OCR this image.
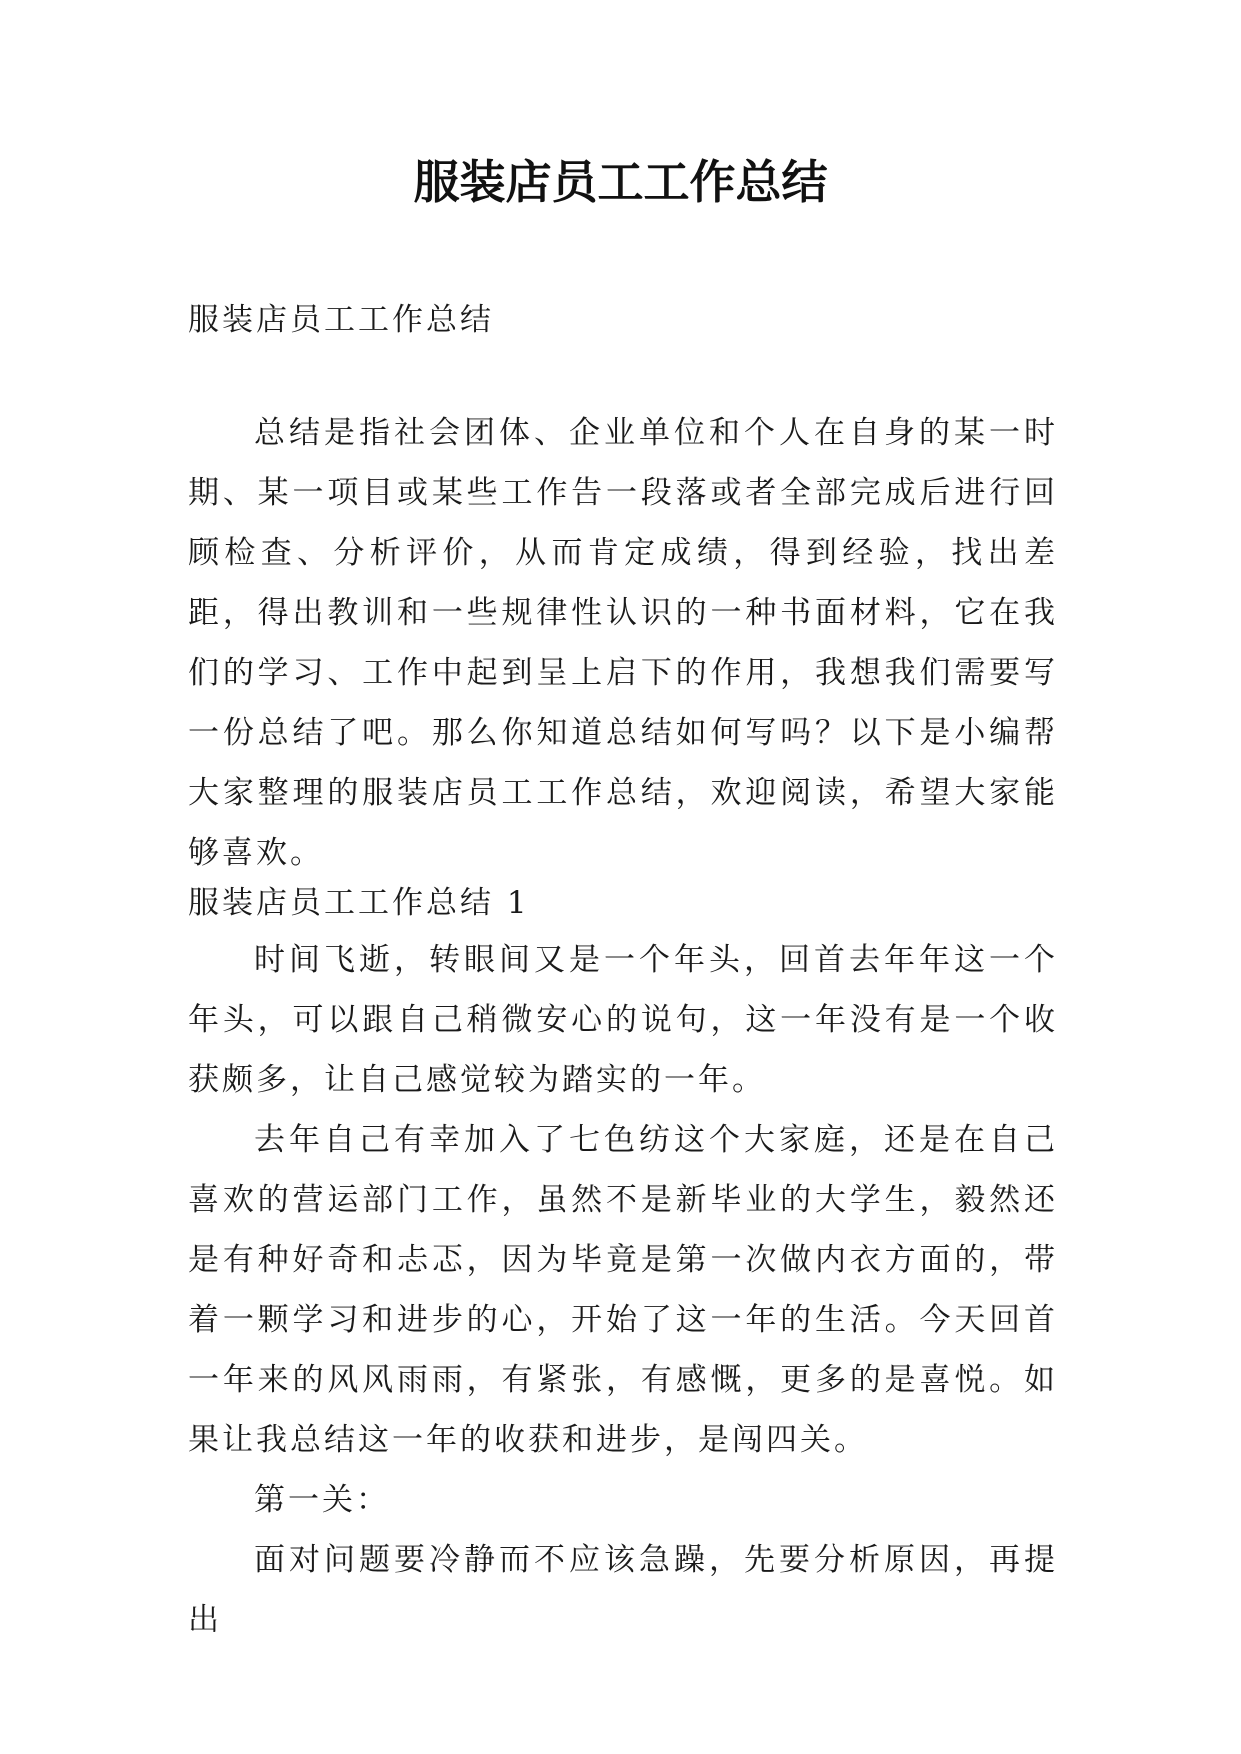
服装店员工工作总结

服装店员工工作总结

总结是指社会团体、企业单位和个人在自身的某一时期、某一项目或某些工作告一段落或者全部完成后进行回顾检查、分析评价，从而肯定成绩，得到经验，找出差距，得出教训和一些规律性认识的一种书面材料，它在我们的学习、工作中起到呈上启下的作用，我想我们需要写一份总结了吧。那么你知道总结如何写吗？以下是小编帮大家整理的服装店员工工作总结，欢迎阅读，希望大家能够喜欢。

服装店员工工作总结 1

时间飞逝，转眼间又是一个年头，回首去年年这一个年头，可以跟自己稍微安心的说句，这一年没有是一个收获颇多，让自己感觉较为踏实的一年。

去年自己有幸加入了七色纺这个大家庭，还是在自己喜欢的营运部门工作，虽然不是新毕业的大学生，毅然还是有种好奇和忐忑，因为毕竟是第一次做内衣方面的，带着一颗学习和进步的心，开始了这一年的生活。今天回首一年来的风风雨雨，有紧张，有感慨，更多的是喜悦。如果让我总结这一年的收获和进步，是闯四关。

第一关：

面对问题要冷静而不应该急躁，先要分析原因，再提出
